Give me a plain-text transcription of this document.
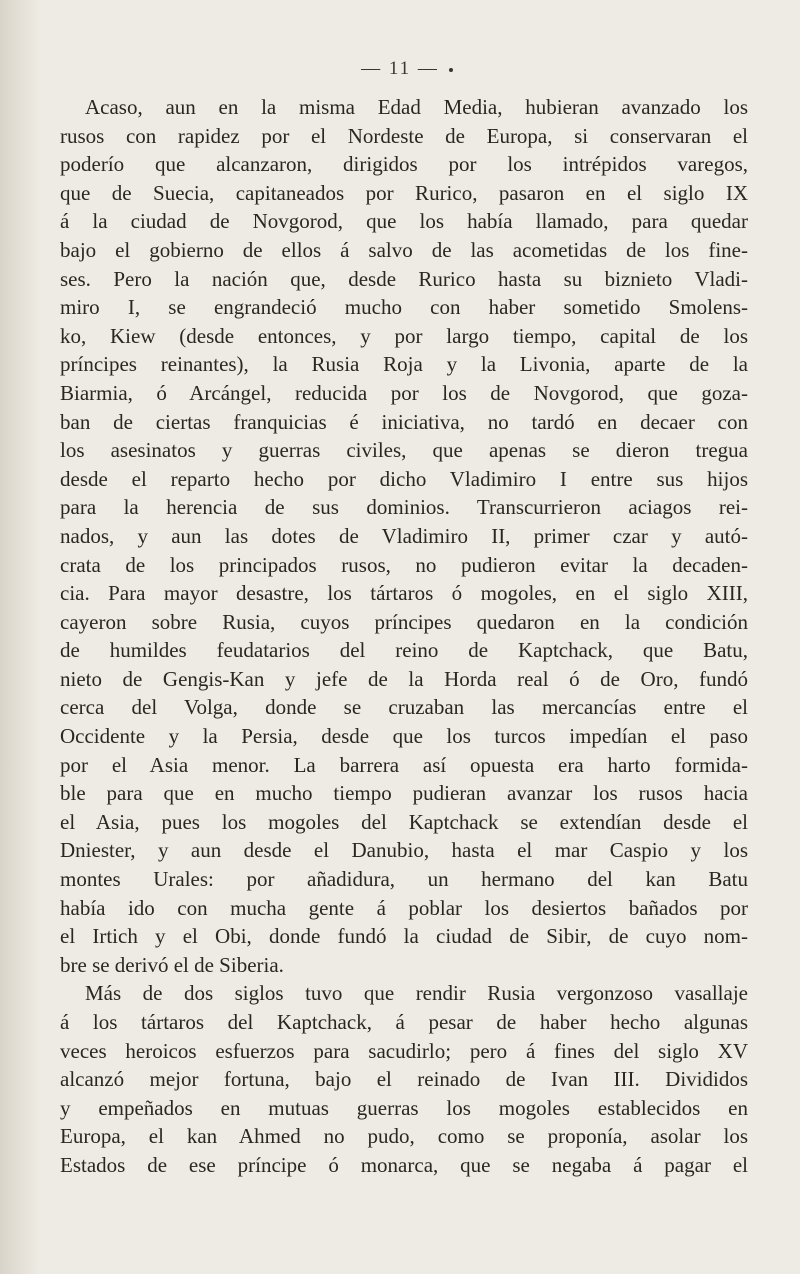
— 11 —
Acaso, aun en la misma Edad Media, hubieran avanzado los
rusos con rapidez por el Nordeste de Europa, si conservaran el
poderío que alcanzaron, dirigidos por los intrépidos varegos,
que de Suecia, capitaneados por Rurico, pasaron en el siglo IX
á la ciudad de Novgorod, que los había llamado, para quedar
bajo el gobierno de ellos á salvo de las acometidas de los fine-
ses. Pero la nación que, desde Rurico hasta su biznieto Vladi-
miro I, se engrandeció mucho con haber sometido Smolens-
ko, Kiew (desde entonces, y por largo tiempo, capital de los
príncipes reinantes), la Rusia Roja y la Livonia, aparte de la
Biarmia, ó Arcángel, reducida por los de Novgorod, que goza-
ban de ciertas franquicias é iniciativa, no tardó en decaer con
los asesinatos y guerras civiles, que apenas se dieron tregua
desde el reparto hecho por dicho Vladimiro I entre sus hijos
para la herencia de sus dominios. Transcurrieron aciagos rei-
nados, y aun las dotes de Vladimiro II, primer czar y autó-
crata de los principados rusos, no pudieron evitar la decaden-
cia. Para mayor desastre, los tártaros ó mogoles, en el siglo XIII,
cayeron sobre Rusia, cuyos príncipes quedaron en la condición
de humildes feudatarios del reino de Kaptchack, que Batu,
nieto de Gengis-Kan y jefe de la Horda real ó de Oro, fundó
cerca del Volga, donde se cruzaban las mercancías entre el
Occidente y la Persia, desde que los turcos impedían el paso
por el Asia menor. La barrera así opuesta era harto formida-
ble para que en mucho tiempo pudieran avanzar los rusos hacia
el Asia, pues los mogoles del Kaptchack se extendían desde el
Dniester, y aun desde el Danubio, hasta el mar Caspio y los
montes Urales: por añadidura, un hermano del kan Batu
había ido con mucha gente á poblar los desiertos bañados por
el Irtich y el Obi, donde fundó la ciudad de Sibir, de cuyo nom-
bre se derivó el de Siberia.
Más de dos siglos tuvo que rendir Rusia vergonzoso vasallaje
á los tártaros del Kaptchack, á pesar de haber hecho algunas
veces heroicos esfuerzos para sacudirlo; pero á fines del siglo XV
alcanzó mejor fortuna, bajo el reinado de Ivan III. Divididos
y empeñados en mutuas guerras los mogoles establecidos en
Europa, el kan Ahmed no pudo, como se proponía, asolar los
Estados de ese príncipe ó monarca, que se negaba á pagar el
